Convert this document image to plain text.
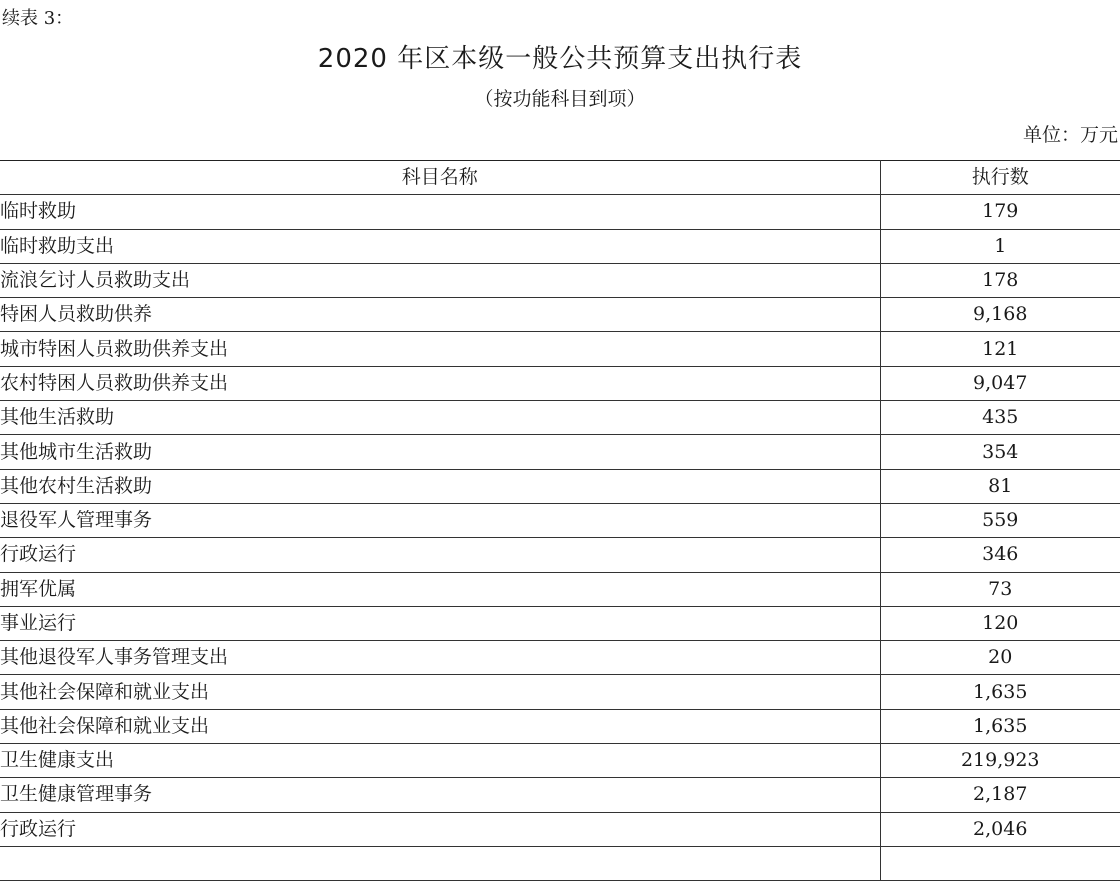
续表 3：
2020 年区本级一般公共预算支出执行表
（按功能科目到项）
单位：万元
科目名称	执行数
临时救助	179
临时救助支出	1
流浪乞讨人员救助支出	178
特困人员救助供养	9,168
城市特困人员救助供养支出	121
农村特困人员救助供养支出	9,047
其他生活救助	435
其他城市生活救助	354
其他农村生活救助	81
退役军人管理事务	559
行政运行	346
拥军优属	73
事业运行	120
其他退役军人事务管理支出	20
其他社会保障和就业支出	1,635
其他社会保障和就业支出	1,635
卫生健康支出	219,923
卫生健康管理事务	2,187
行政运行	2,046
